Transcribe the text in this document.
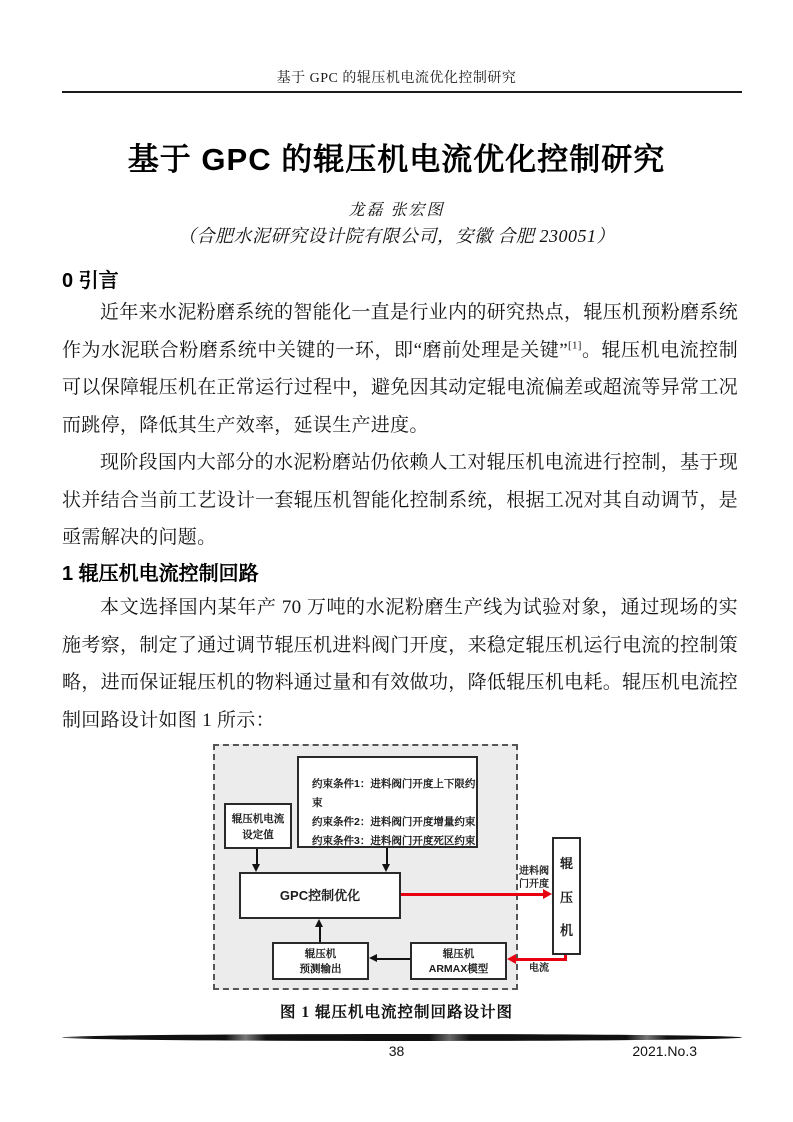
基于 GPC 的辊压机电流优化控制研究
基于 GPC 的辊压机电流优化控制研究
龙磊 张宏图
（合肥水泥研究设计院有限公司，安徽 合肥 230051）
0 引言

近年来水泥粉磨系统的智能化一直是行业内的研究热点，辊压机预粉磨系统作为水泥联合粉磨系统中关键的一环，即“磨前处理是关键”[1]。辊压机电流控制可以保障辊压机在正常运行过程中，避免因其动定辊电流偏差或超流等异常工况而跳停，降低其生产效率，延误生产进度。

现阶段国内大部分的水泥粉磨站仍依赖人工对辊压机电流进行控制，基于现状并结合当前工艺设计一套辊压机智能化控制系统，根据工况对其自动调节，是亟需解决的问题。

1 辊压机电流控制回路

本文选择国内某年产 70 万吨的水泥粉磨生产线为试验对象，通过现场的实施考察，制定了通过调节辊压机进料阀门开度，来稳定辊压机运行电流的控制策略，进而保证辊压机的物料通过量和有效做功，降低辊压机电耗。辊压机电流控制回路设计如图 1 所示：

约束条件1：进料阀门开度上下限约束
约束条件2：进料阀门开度增量约束
约束条件3：进料阀门开度死区约束
辊压机电流
设定值
GPC控制优化
辊压机
预测输出
辊压机
ARMAX模型
辊
压
机
进料阀
门开度
电流
图 1 辊压机电流控制回路设计图
38	2021.No.3
